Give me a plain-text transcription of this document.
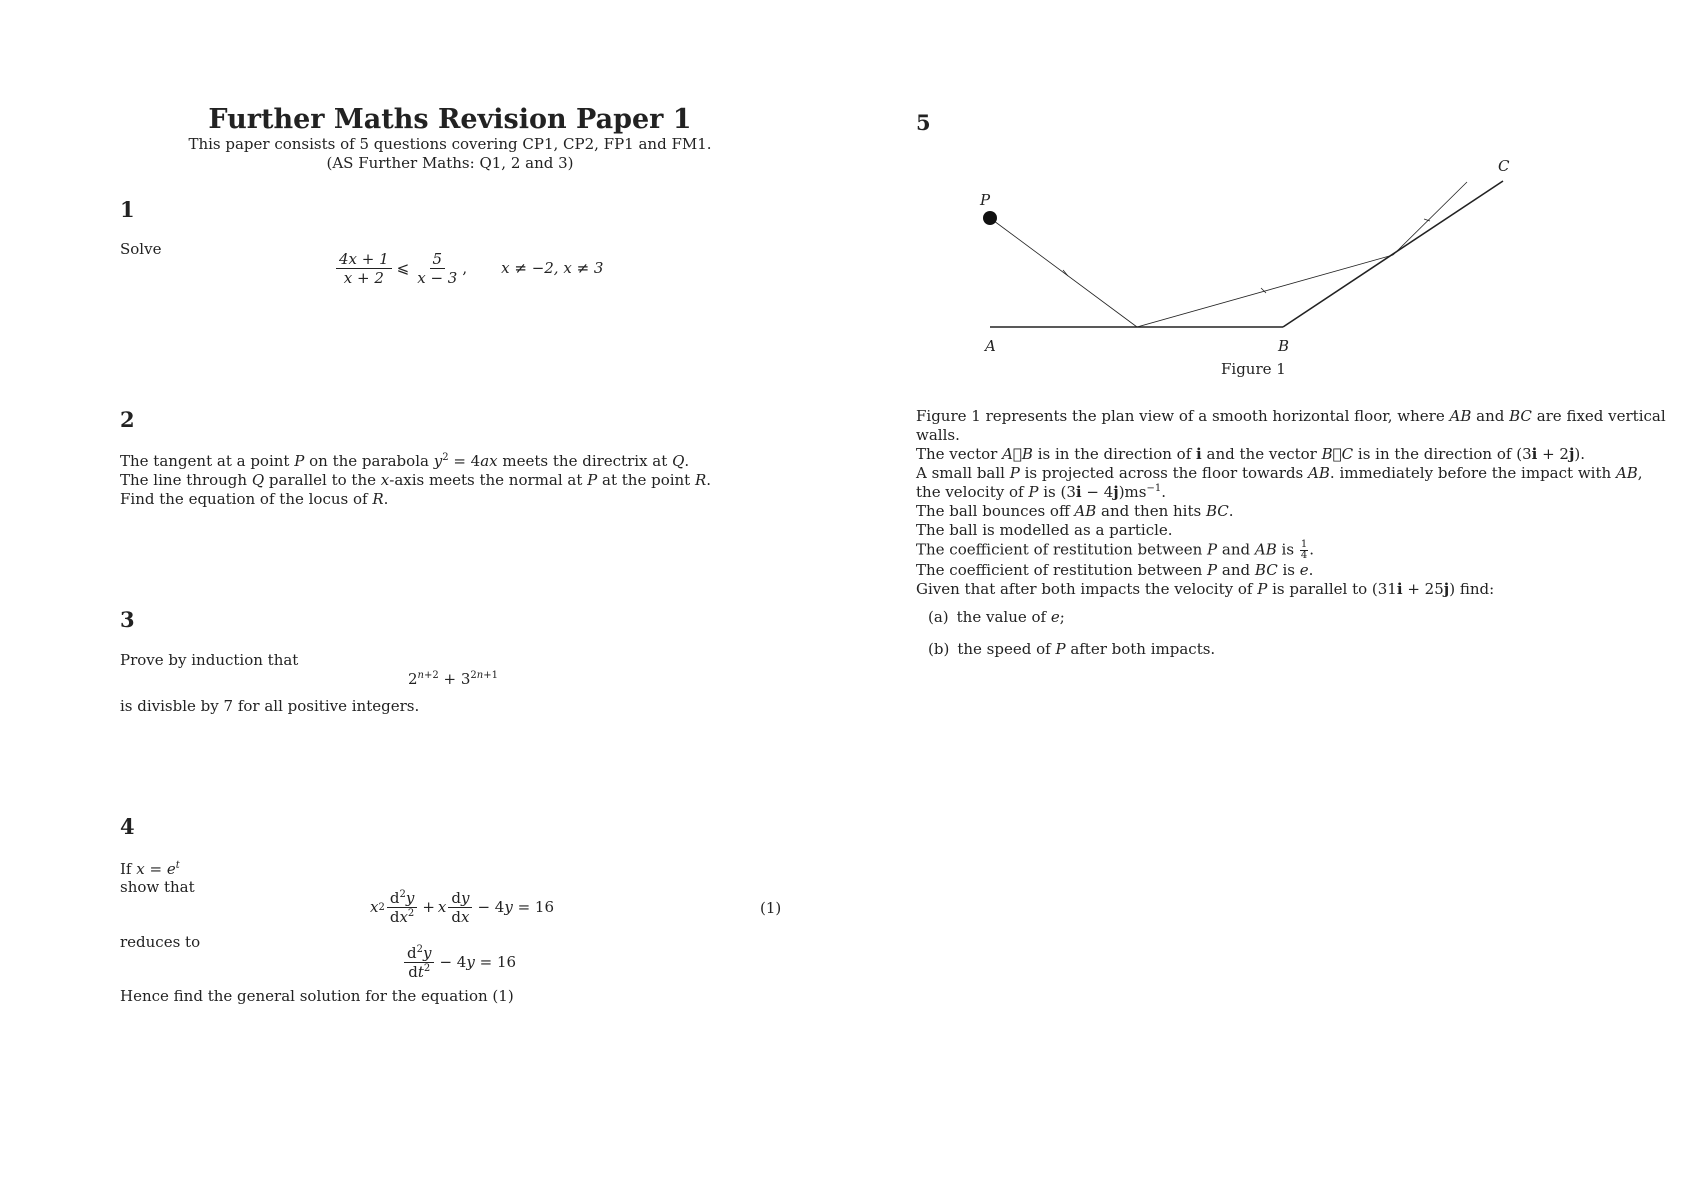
Further Maths Revision Paper 1
This paper consists of 5 questions covering CP1, CP2, FP1 and FM1.
(AS Further Maths: Q1, 2 and 3)
1
Solve
$\frac{4x + 1}{x + 2}$ ⩽ $\frac{5}{x - 3}$ , x ≠ −2, x ≠ 3
2
The tangent at a point P on the parabola $y^2 = 4ax$ meets the directrix at Q.
The line through Q parallel to the x-axis meets the normal at P at the point R.
Find the equation of the locus of R.
3
Prove by induction that
$2^{n+2} + 3^{2n+1}$
is divisble by 7 for all positive integers.
4
If $x = e^t$
show that
x $2 \frac{d^2y}{dx^2} + x \frac{dy}{dx} - 4y = 16$	(1)
reduces to
$\frac{d^2y}{dt^2} - 4y = 16$
Hence find the general solution for the equation (1)
5
P
A	B
C
Figure 1
Figure 1 represents the plan view of a smooth horizontal floor, where AB and BC are fixed vertical
walls.
The vector A⃗B is in the direction of i and the vector B⃗C is in the direction of (3i + 2j).
A small ball P is projected across the floor towards AB. immediately before the impact with AB,
the velocity of P is $(3i - 4j)ms^{-1}$.
The ball bounces off AB and then hits BC.
The ball is modelled as a particle.
The coefficient of restitution between P and AB is $\frac{1}{4}$ .
The coefficient of restitution between P and BC is e.
Given that after both impacts the velocity of P is parallel to (31i + 25j) find:
(a) the value of e;
(b) the speed of P after both impacts.
